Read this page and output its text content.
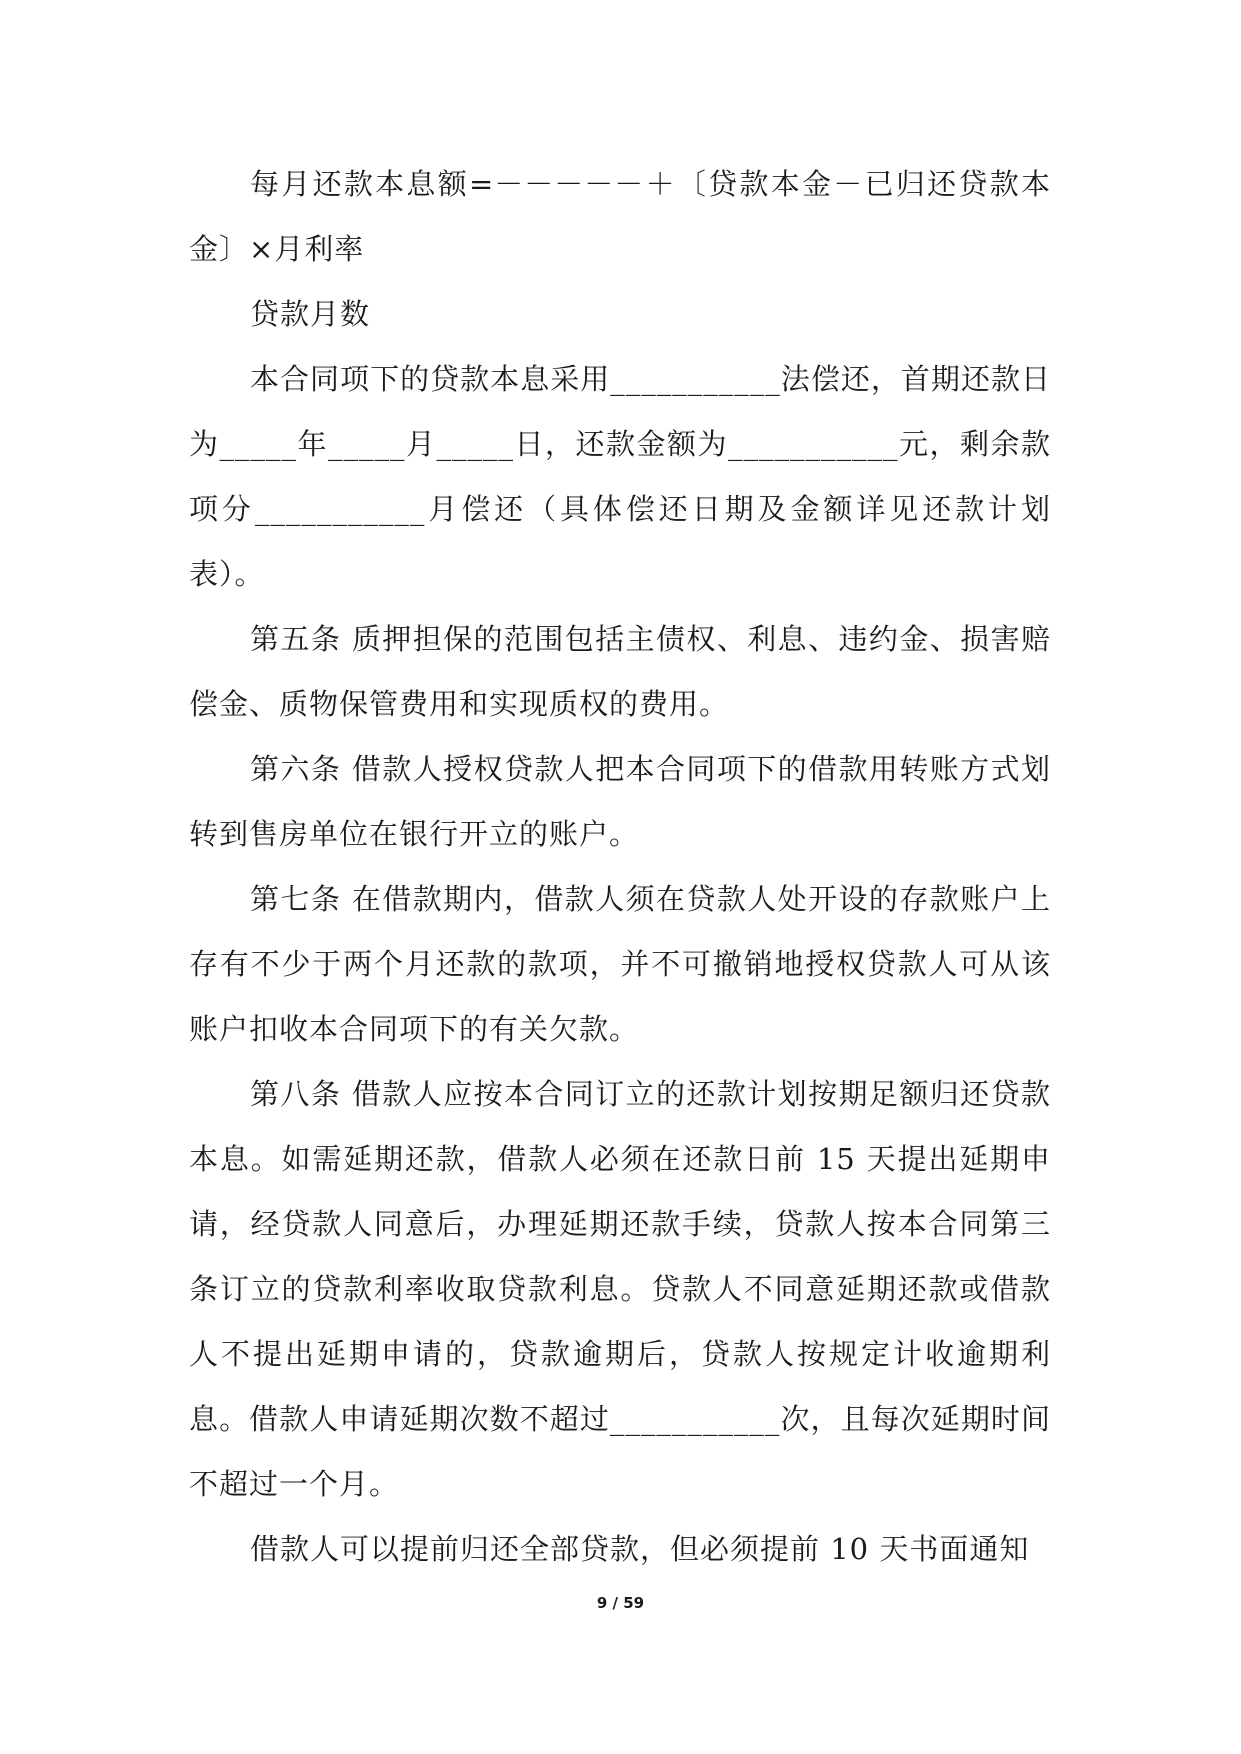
每月还款本息额=－－－－－＋〔贷款本金－已归还贷款本金〕×月利率

贷款月数

本合同项下的贷款本息采用___________法偿还，首期还款日为_____年_____月_____日，还款金额为___________元，剩余款项分___________月偿还（具体偿还日期及金额详见还款计划表）。

第五条 质押担保的范围包括主债权、利息、违约金、损害赔偿金、质物保管费用和实现质权的费用。

第六条 借款人授权贷款人把本合同项下的借款用转账方式划转到售房单位在银行开立的账户。

第七条 在借款期内，借款人须在贷款人处开设的存款账户上存有不少于两个月还款的款项，并不可撤销地授权贷款人可从该账户扣收本合同项下的有关欠款。

第八条 借款人应按本合同订立的还款计划按期足额归还贷款本息。如需延期还款，借款人必须在还款日前 15 天提出延期申请，经贷款人同意后，办理延期还款手续，贷款人按本合同第三条订立的贷款利率收取贷款利息。贷款人不同意延期还款或借款人不提出延期申请的，贷款逾期后，贷款人按规定计收逾期利息。借款人申请延期次数不超过___________次，且每次延期时间不超过一个月。

借款人可以提前归还全部贷款，但必须提前 10 天书面通知

9 / 59
